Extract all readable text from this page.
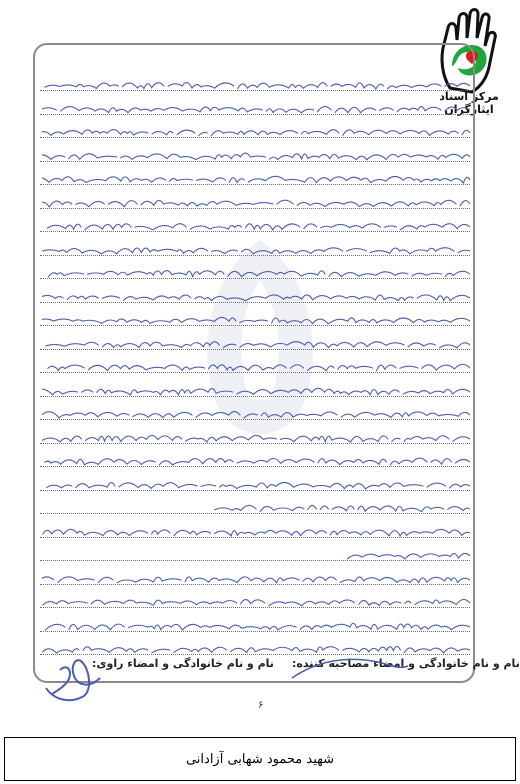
مرکز اسناد ایثارگران
نام و نام خانوادگی و امضاء مصاحبه کننده:
نام و نام خانوادگی و امضاء راوی:
۶
شهید محمود شهابی آزادانی
